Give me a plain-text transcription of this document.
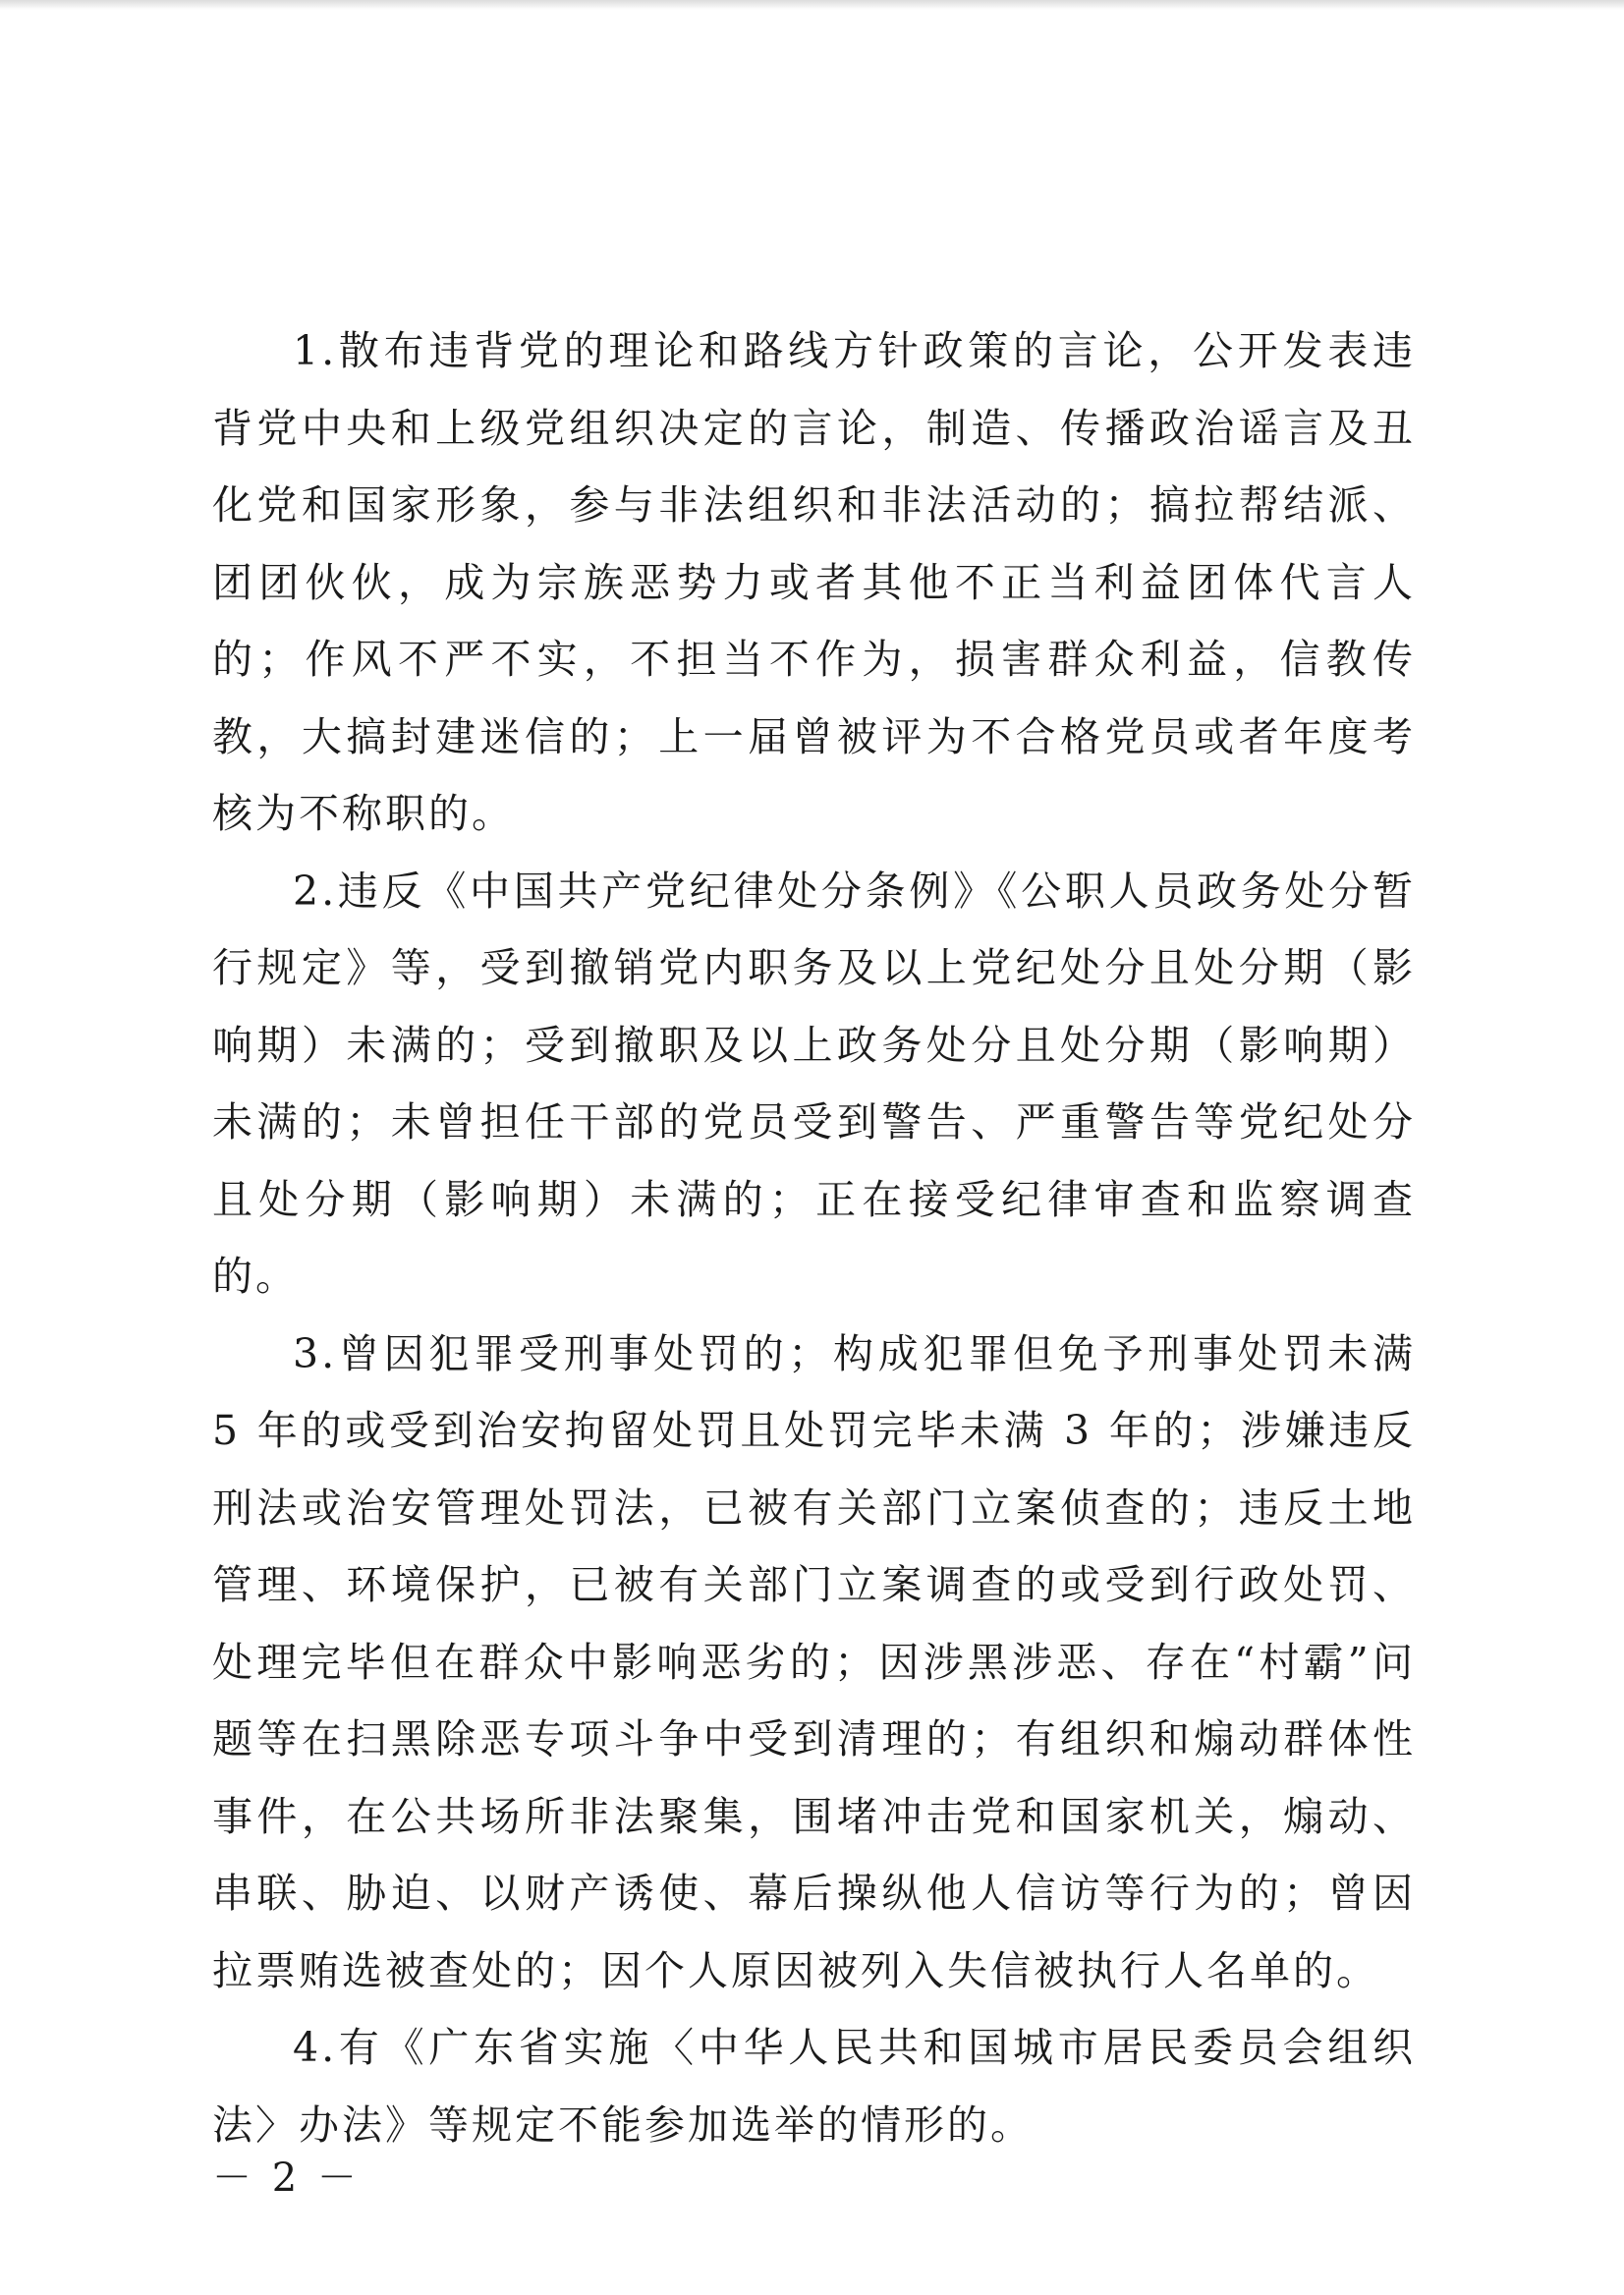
1.散布违背党的理论和路线方针政策的言论，公开发表违背党中央和上级党组织决定的言论，制造、传播政治谣言及丑化党和国家形象，参与非法组织和非法活动的；搞拉帮结派、团团伙伙，成为宗族恶势力或者其他不正当利益团体代言人的；作风不严不实，不担当不作为，损害群众利益，信教传教，大搞封建迷信的；上一届曾被评为不合格党员或者年度考核为不称职的。

2.违反《中国共产党纪律处分条例》《公职人员政务处分暂行规定》等，受到撤销党内职务及以上党纪处分且处分期（影响期）未满的；受到撤职及以上政务处分且处分期（影响期）未满的；未曾担任干部的党员受到警告、严重警告等党纪处分且处分期（影响期）未满的；正在接受纪律审查和监察调查的。

3.曾因犯罪受刑事处罚的；构成犯罪但免予刑事处罚未满 5 年的或受到治安拘留处罚且处罚完毕未满 3 年的；涉嫌违反刑法或治安管理处罚法，已被有关部门立案侦查的；违反土地管理、环境保护，已被有关部门立案调查的或受到行政处罚、处理完毕但在群众中影响恶劣的；因涉黑涉恶、存在“村霸”问题等在扫黑除恶专项斗争中受到清理的；有组织和煽动群体性事件，在公共场所非法聚集，围堵冲击党和国家机关，煽动、串联、胁迫、以财产诱使、幕后操纵他人信访等行为的；曾因拉票贿选被查处的；因个人原因被列入失信被执行人名单的。

4.有《广东省实施〈中华人民共和国城市居民委员会组织法〉办法》等规定不能参加选举的情形的。

－ 2 －
